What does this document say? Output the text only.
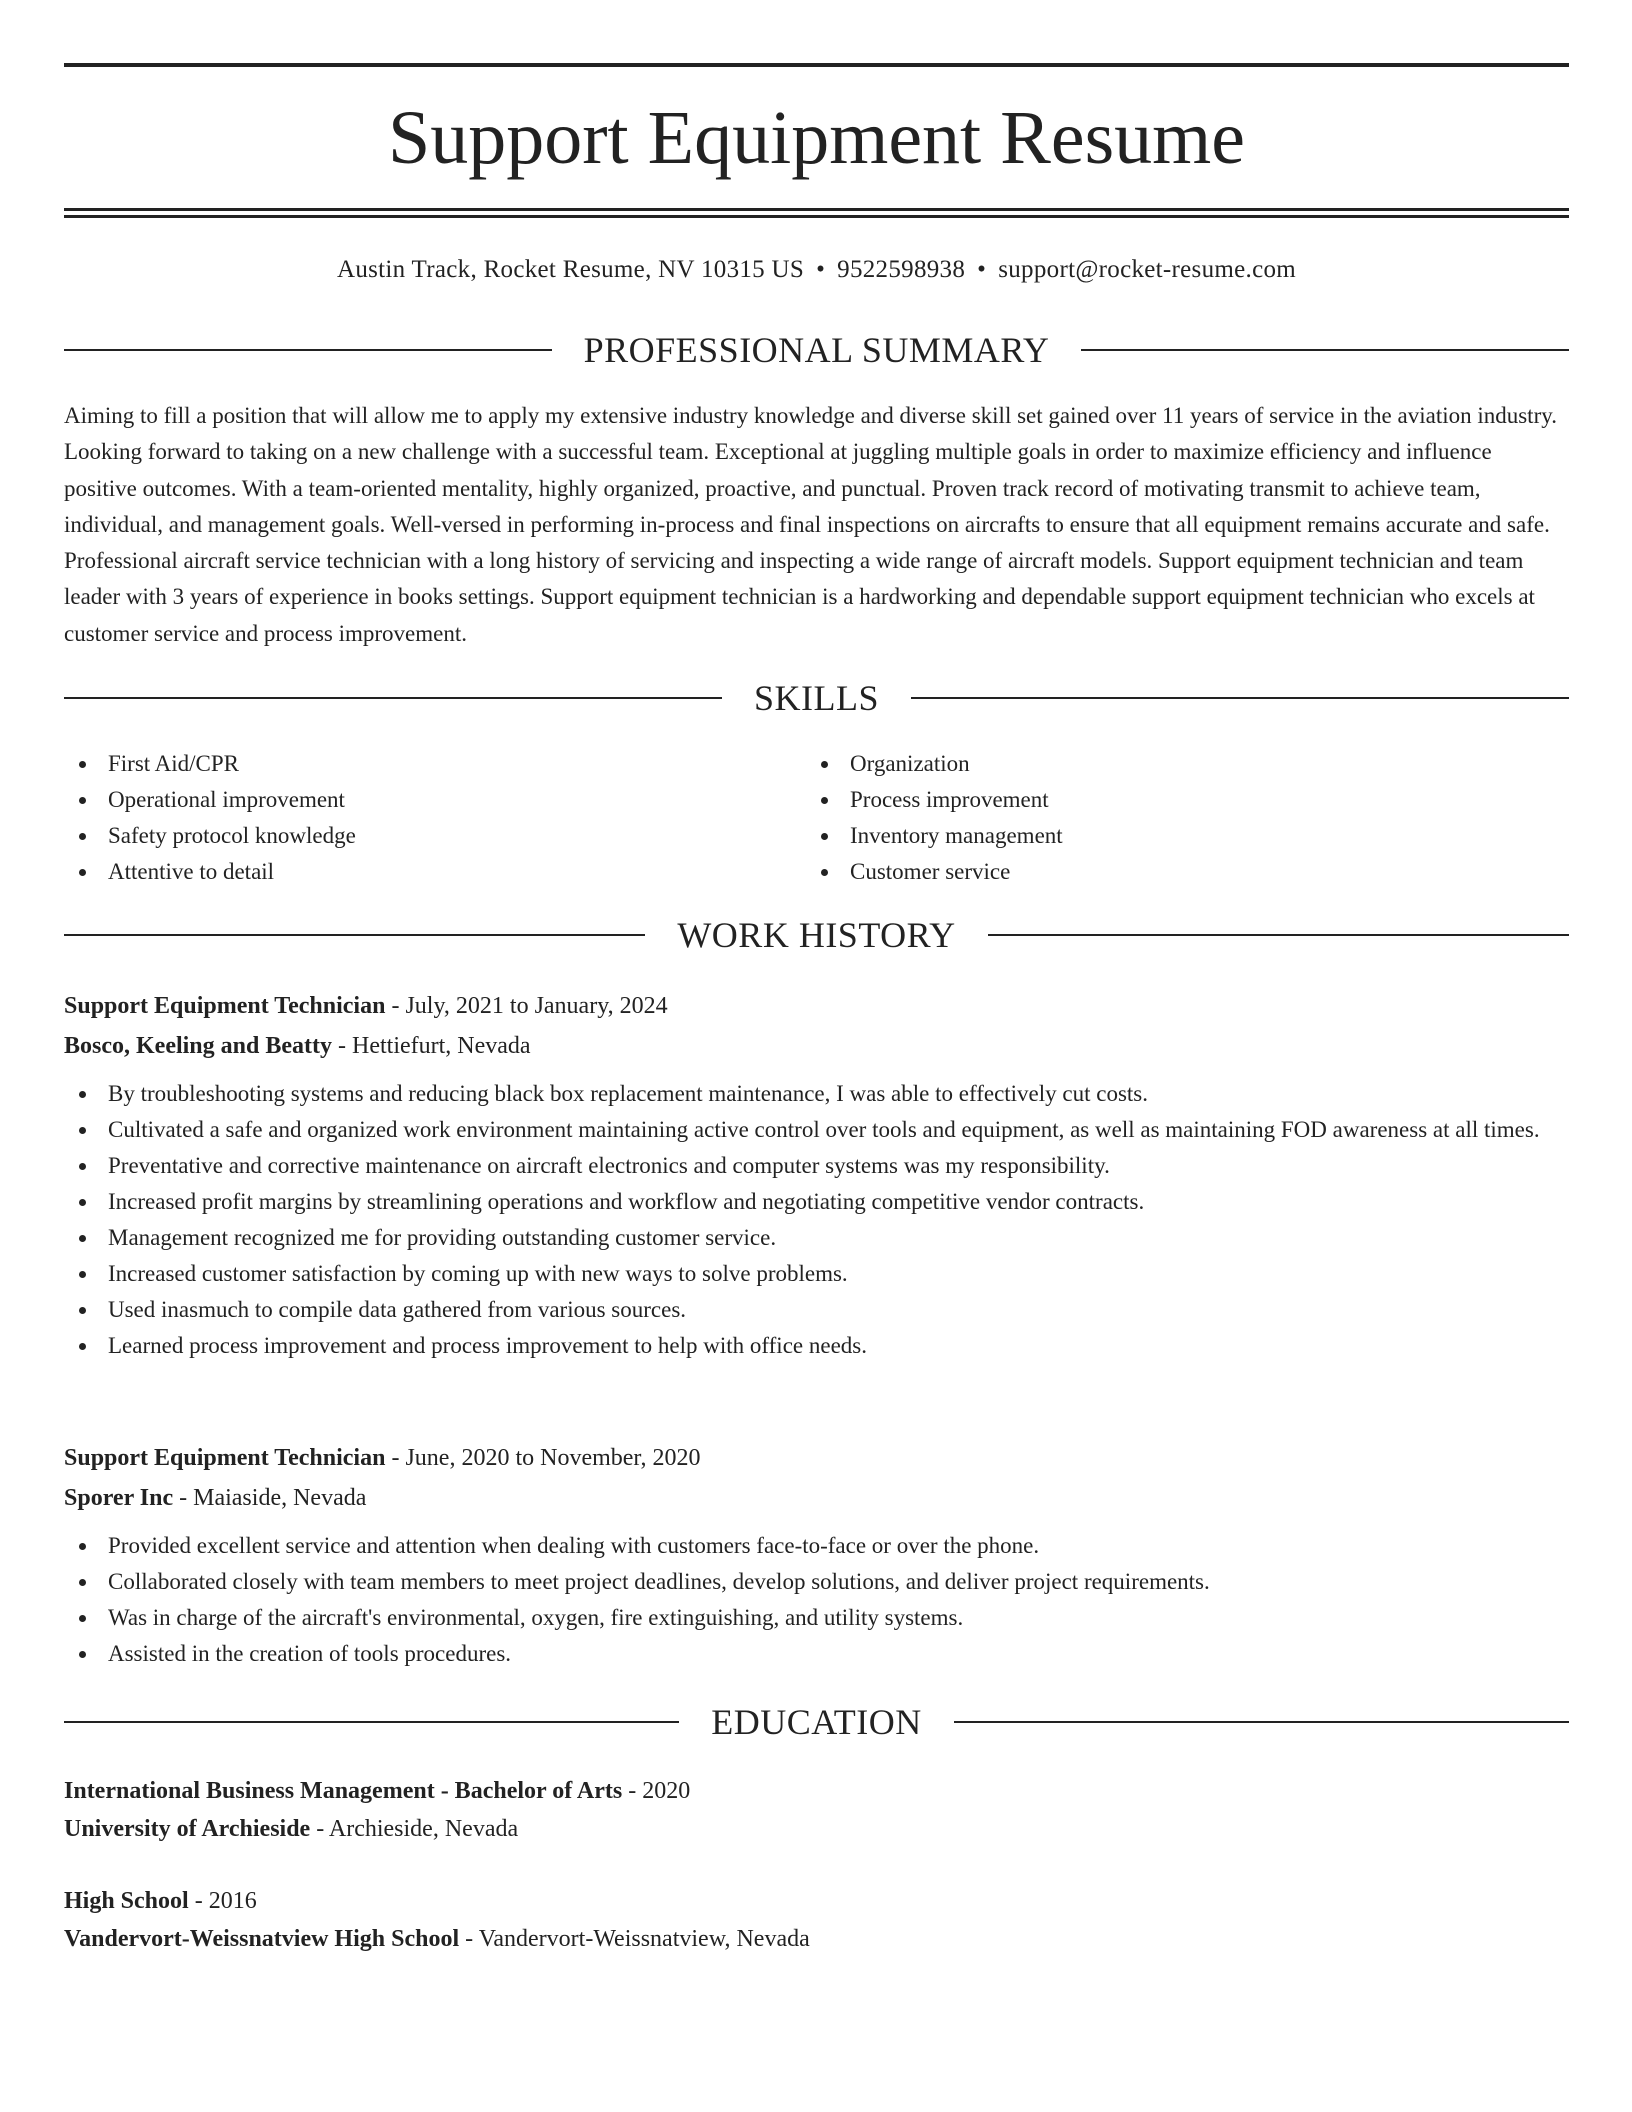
Support Equipment Resume
Austin Track, Rocket Resume, NV 10315 US • 9522598938 • support@rocket-resume.com
PROFESSIONAL SUMMARY

Aiming to fill a position that will allow me to apply my extensive industry knowledge and diverse skill set gained over 11 years of service in the aviation industry. Looking forward to taking on a new challenge with a successful team. Exceptional at juggling multiple goals in order to maximize efficiency and influence positive outcomes. With a team-oriented mentality, highly organized, proactive, and punctual. Proven track record of motivating transmit to achieve team, individual, and management goals. Well-versed in performing in-process and final inspections on aircrafts to ensure that all equipment remains accurate and safe. Professional aircraft service technician with a long history of servicing and inspecting a wide range of aircraft models. Support equipment technician and team leader with 3 years of experience in books settings. Support equipment technician is a hardworking and dependable support equipment technician who excels at customer service and process improvement.

SKILLS
First Aid/CPR
Operational improvement
Safety protocol knowledge
Attentive to detail
Organization
Process improvement
Inventory management
Customer service
WORK HISTORY
Support Equipment Technician - July, 2021 to January, 2024
Bosco, Keeling and Beatty - Hettiefurt, Nevada
By troubleshooting systems and reducing black box replacement maintenance, I was able to effectively cut costs.
Cultivated a safe and organized work environment maintaining active control over tools and equipment, as well as maintaining FOD awareness at all times.
Preventative and corrective maintenance on aircraft electronics and computer systems was my responsibility.
Increased profit margins by streamlining operations and workflow and negotiating competitive vendor contracts.
Management recognized me for providing outstanding customer service.
Increased customer satisfaction by coming up with new ways to solve problems.
Used inasmuch to compile data gathered from various sources.
Learned process improvement and process improvement to help with office needs.
Support Equipment Technician - June, 2020 to November, 2020
Sporer Inc - Maiaside, Nevada
Provided excellent service and attention when dealing with customers face-to-face or over the phone.
Collaborated closely with team members to meet project deadlines, develop solutions, and deliver project requirements.
Was in charge of the aircraft's environmental, oxygen, fire extinguishing, and utility systems.
Assisted in the creation of tools procedures.
EDUCATION
International Business Management - Bachelor of Arts - 2020
University of Archieside - Archieside, Nevada
High School - 2016
Vandervort-Weissnatview High School - Vandervort-Weissnatview, Nevada
